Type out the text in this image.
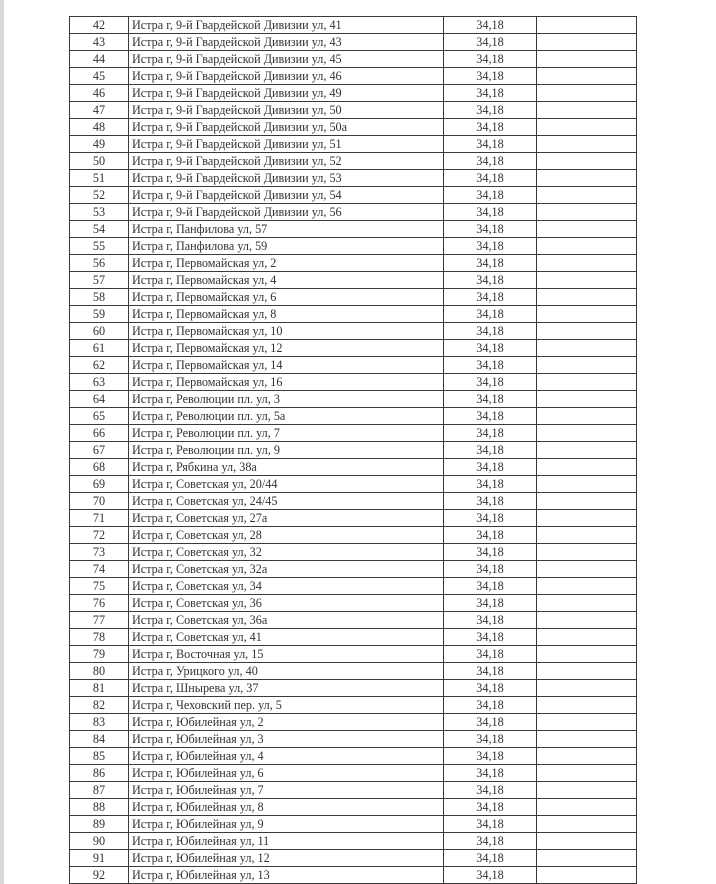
42	Истра г, 9-й Гвардейской Дивизии ул, 41	34,18	
43	Истра г, 9-й Гвардейской Дивизии ул, 43	34,18	
44	Истра г, 9-й Гвардейской Дивизии ул, 45	34,18	
45	Истра г, 9-й Гвардейской Дивизии ул, 46	34,18	
46	Истра г, 9-й Гвардейской Дивизии ул, 49	34,18	
47	Истра г, 9-й Гвардейской Дивизии ул, 50	34,18	
48	Истра г, 9-й Гвардейской Дивизии ул, 50а	34,18	
49	Истра г, 9-й Гвардейской Дивизии ул, 51	34,18	
50	Истра г, 9-й Гвардейской Дивизии ул, 52	34,18	
51	Истра г, 9-й Гвардейской Дивизии ул, 53	34,18	
52	Истра г, 9-й Гвардейской Дивизии ул, 54	34,18	
53	Истра г, 9-й Гвардейской Дивизии ул, 56	34,18	
54	Истра г, Панфилова ул, 57	34,18	
55	Истра г, Панфилова ул, 59	34,18	
56	Истра г, Первомайская ул, 2	34,18	
57	Истра г, Первомайская ул, 4	34,18	
58	Истра г, Первомайская ул, 6	34,18	
59	Истра г, Первомайская ул, 8	34,18	
60	Истра г, Первомайская ул, 10	34,18	
61	Истра г, Первомайская ул, 12	34,18	
62	Истра г, Первомайская ул, 14	34,18	
63	Истра г, Первомайская ул, 16	34,18	
64	Истра г, Революции пл. ул, 3	34,18	
65	Истра г, Революции пл. ул, 5а	34,18	
66	Истра г, Революции пл. ул, 7	34,18	
67	Истра г, Революции пл. ул, 9	34,18	
68	Истра г, Рябкина ул, 38а	34,18	
69	Истра г, Советская ул, 20/44	34,18	
70	Истра г, Советская ул, 24/45	34,18	
71	Истра г, Советская ул, 27а	34,18	
72	Истра г, Советская ул, 28	34,18	
73	Истра г, Советская ул, 32	34,18	
74	Истра г, Советская ул, 32а	34,18	
75	Истра г, Советская ул, 34	34,18	
76	Истра г, Советская ул, 36	34,18	
77	Истра г, Советская ул, 36а	34,18	
78	Истра г, Советская ул, 41	34,18	
79	Истра г, Восточная ул, 15	34,18	
80	Истра г, Урицкого ул, 40	34,18	
81	Истра г, Шнырева ул, 37	34,18	
82	Истра г, Чеховский пер. ул, 5	34,18	
83	Истра г, Юбилейная ул, 2	34,18	
84	Истра г, Юбилейная ул, 3	34,18	
85	Истра г, Юбилейная ул, 4	34,18	
86	Истра г, Юбилейная ул, 6	34,18	
87	Истра г, Юбилейная ул, 7	34,18	
88	Истра г, Юбилейная ул, 8	34,18	
89	Истра г, Юбилейная ул, 9	34,18	
90	Истра г, Юбилейная ул, 11	34,18	
91	Истра г, Юбилейная ул, 12	34,18	
92	Истра г, Юбилейная ул, 13	34,18	
